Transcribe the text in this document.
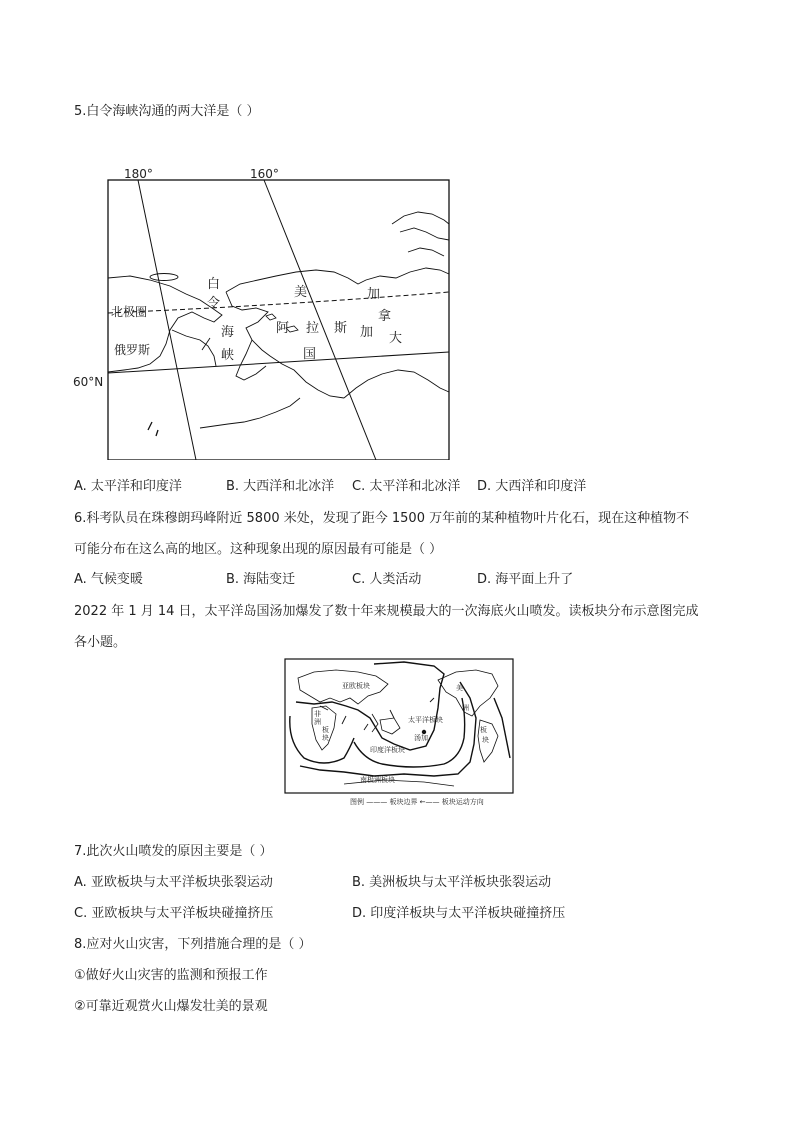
5.白令海峡沟通的两大洋是（ ）
180°	160°
60°N
北极圈
俄罗斯
白
令
海
峡
美
国
阿 拉 斯 加
加
拿
大
A. 太平洋和印度洋	B. 大西洋和北冰洋 C. 太平洋和北冰洋 D. 大西洋和印度洋
6.科考队员在珠穆朗玛峰附近 5800 米处，发现了距今 1500 万年前的某种植物叶片化石，现在这种植物不
可能分布在这么高的地区。这种现象出现的原因最有可能是（ ）
A. 气候变暖	B. 海陆变迁	C. 人类活动	D. 海平面上升了
2022 年 1 月 14 日，太平洋岛国汤加爆发了数十年来规模最大的一次海底火山喷发。读板块分布示意图完成
各小题。
亚欧板块
非
洲
板
块
印度洋板块
太平洋板块
汤加
南极洲板块
美
洲
板
块
图例 ——— 板块边界 ←—— 板块运动方向
7.此次火山喷发的原因主要是（ ）
A. 亚欧板块与太平洋板块张裂运动	B. 美洲板块与太平洋板块张裂运动
C. 亚欧板块与太平洋板块碰撞挤压	D. 印度洋板块与太平洋板块碰撞挤压
8.应对火山灾害，下列措施合理的是（ ）
①做好火山灾害的监测和预报工作
②可靠近观赏火山爆发壮美的景观
